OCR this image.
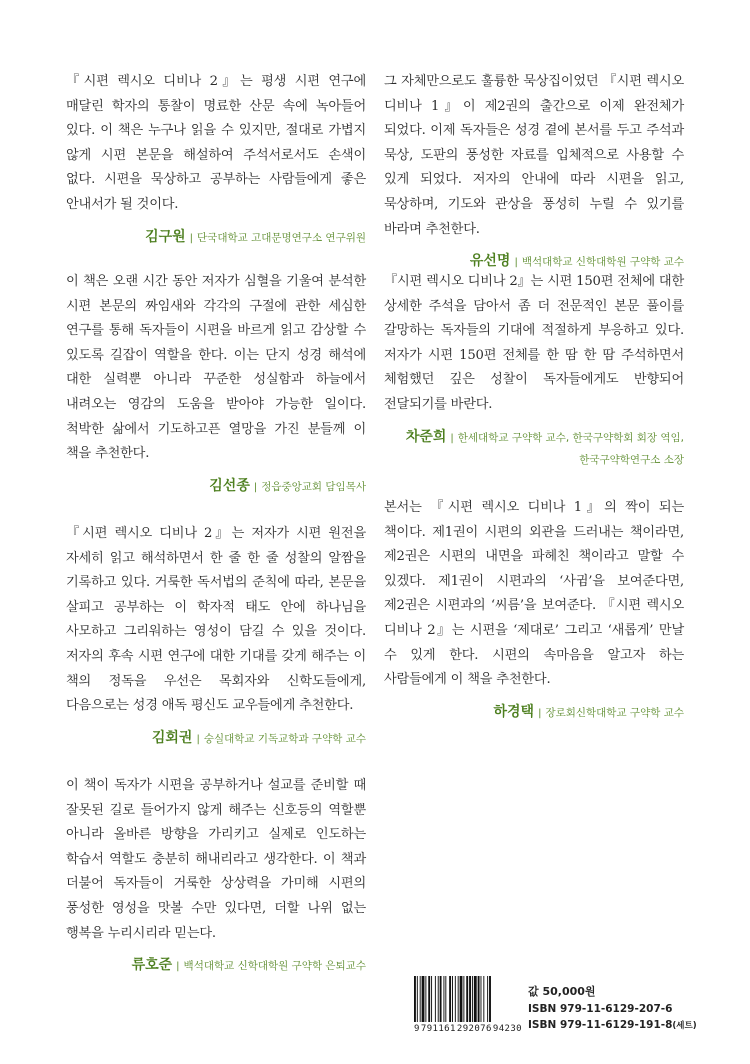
『시편 렉시오 디비나 2』는 평생 시편 연구에 매달린 학자의 통찰이 명료한 산문 속에 녹아들어 있다. 이 책은 누구나 읽을 수 있지만, 절대로 가볍지 않게 시편 본문을 해설하여 주석서로서도 손색이 없다. 시편을 묵상하고 공부하는 사람들에게 좋은 안내서가 될 것이다.

김구원 | 단국대학교 고대문명연구소 연구위원

이 책은 오랜 시간 동안 저자가 심혈을 기울여 분석한 시편 본문의 짜임새와 각각의 구절에 관한 세심한 연구를 통해 독자들이 시편을 바르게 읽고 감상할 수 있도록 길잡이 역할을 한다. 이는 단지 성경 해석에 대한 실력뿐 아니라 꾸준한 성실함과 하늘에서 내려오는 영감의 도움을 받아야 가능한 일이다. 척박한 삶에서 기도하고픈 열망을 가진 분들께 이 책을 추천한다.

김선종 | 정읍중앙교회 담임목사

『시편 렉시오 디비나 2』는 저자가 시편 원전을 자세히 읽고 해석하면서 한 줄 한 줄 성찰의 알짬을 기록하고 있다. 거룩한 독서법의 준칙에 따라, 본문을 살피고 공부하는 이 학자적 태도 안에 하나님을 사모하고 그리워하는 영성이 담길 수 있을 것이다. 저자의 후속 시편 연구에 대한 기대를 갖게 해주는 이 책의 정독을 우선은 목회자와 신학도들에게, 다음으로는 성경 애독 평신도 교우들에게 추천한다.

김회권 | 숭실대학교 기독교학과 구약학 교수

이 책이 독자가 시편을 공부하거나 설교를 준비할 때 잘못된 길로 들어가지 않게 해주는 신호등의 역할뿐 아니라 올바른 방향을 가리키고 실제로 인도하는 학습서 역할도 충분히 해내리라고 생각한다. 이 책과 더불어 독자들이 거룩한 상상력을 가미해 시편의 풍성한 영성을 맛볼 수만 있다면, 더할 나위 없는 행복을 누리시리라 믿는다.

류호준 | 백석대학교 신학대학원 구약학 은퇴교수

그 자체만으로도 훌륭한 묵상집이었던 『시편 렉시오 디비나 1』이 제2권의 출간으로 이제 완전체가 되었다. 이제 독자들은 성경 곁에 본서를 두고 주석과 묵상, 도판의 풍성한 자료를 입체적으로 사용할 수 있게 되었다. 저자의 안내에 따라 시편을 읽고, 묵상하며, 기도와 관상을 풍성히 누릴 수 있기를 바라며 추천한다.

유선명 | 백석대학교 신학대학원 구약학 교수

『시편 렉시오 디비나 2』는 시편 150편 전체에 대한 상세한 주석을 담아서 좀 더 전문적인 본문 풀이를 갈망하는 독자들의 기대에 적절하게 부응하고 있다. 저자가 시편 150편 전체를 한 땀 한 땀 주석하면서 체험했던 깊은 성찰이 독자들에게도 반향되어 전달되기를 바란다.

차준희 | 한세대학교 구약학 교수, 한국구약학회 회장 역임,
한국구약학연구소 소장

본서는 『시편 렉시오 디비나 1』의 짝이 되는 책이다. 제1권이 시편의 외관을 드러내는 책이라면, 제2권은 시편의 내면을 파헤친 책이라고 말할 수 있겠다. 제1권이 시편과의 ‘사귐’을 보여준다면, 제2권은 시편과의 ‘씨름’을 보여준다. 『시편 렉시오 디비나 2』는 시편을 ‘제대로’ 그리고 ‘새롭게’ 만날 수 있게 한다. 시편의 속마음을 알고자 하는 사람들에게 이 책을 추천한다.

하경택 | 장로회신학대학교 구약학 교수
9 791161 292076 94230
값 50,000원
ISBN 979-11-6129-207-6
ISBN 979-11-6129-191-8(세트)
